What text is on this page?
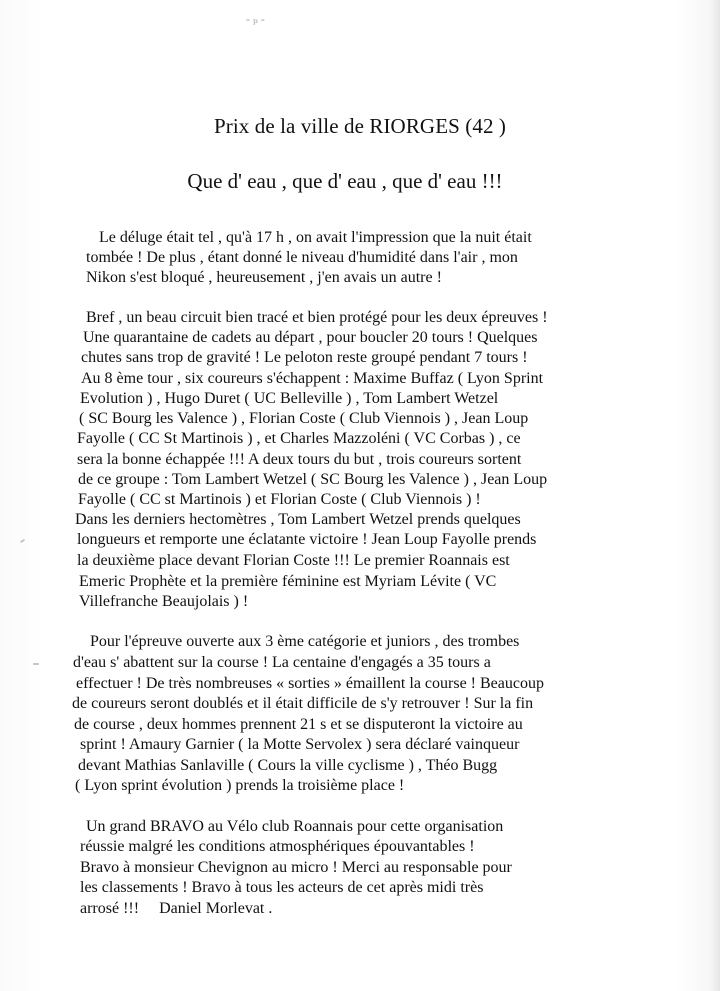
- ₚ -
Prix de la ville de RIORGES (42 )
Que d' eau , que d' eau , que d' eau !!!
Le déluge était tel , qu'à 17 h , on avait l'impression que la nuit était
tombée ! De plus , étant donné le niveau d'humidité dans l'air , mon
Nikon s'est bloqué , heureusement , j'en avais un autre !
Bref , un beau circuit bien tracé et bien protégé pour les deux épreuves !
Une quarantaine de cadets au départ , pour boucler 20 tours ! Quelques
chutes sans trop de gravité ! Le peloton reste groupé pendant 7 tours !
Au 8 ème tour , six coureurs s'échappent : Maxime Buffaz ( Lyon Sprint
Evolution ) , Hugo Duret ( UC Belleville ) , Tom Lambert Wetzel
( SC Bourg les Valence ) , Florian Coste ( Club Viennois ) , Jean Loup
Fayolle ( CC St Martinois ) , et Charles Mazzoléni ( VC Corbas ) , ce
sera la bonne échappée !!! A deux tours du but , trois coureurs sortent
de ce groupe : Tom Lambert Wetzel ( SC Bourg les Valence ) , Jean Loup
Fayolle ( CC st Martinois ) et Florian Coste ( Club Viennois ) !
Dans les derniers hectomètres , Tom Lambert Wetzel prends quelques
longueurs et remporte une éclatante victoire ! Jean Loup Fayolle prends
la deuxième place devant Florian Coste !!! Le premier Roannais est
Emeric Prophète et la première féminine est Myriam Lévite ( VC
Villefranche Beaujolais ) !
Pour l'épreuve ouverte aux 3 ème catégorie et juniors , des trombes
d'eau s' abattent sur la course ! La centaine d'engagés a 35 tours a
effectuer ! De très nombreuses « sorties » émaillent la course ! Beaucoup
de coureurs seront doublés et il était difficile de s'y retrouver ! Sur la fin
de course , deux hommes prennent 21 s et se disputeront la victoire au
sprint ! Amaury Garnier ( la Motte Servolex ) sera déclaré vainqueur
devant Mathias Sanlaville ( Cours la ville cyclisme ) , Théo Bugg
( Lyon sprint évolution ) prends la troisième place !
Un grand BRAVO au Vélo club Roannais pour cette organisation
réussie malgré les conditions atmosphériques épouvantables !
Bravo à monsieur Chevignon au micro ! Merci au responsable pour
les classements ! Bravo à tous les acteurs de cet après midi très
arrosé !!!     Daniel Morlevat .
